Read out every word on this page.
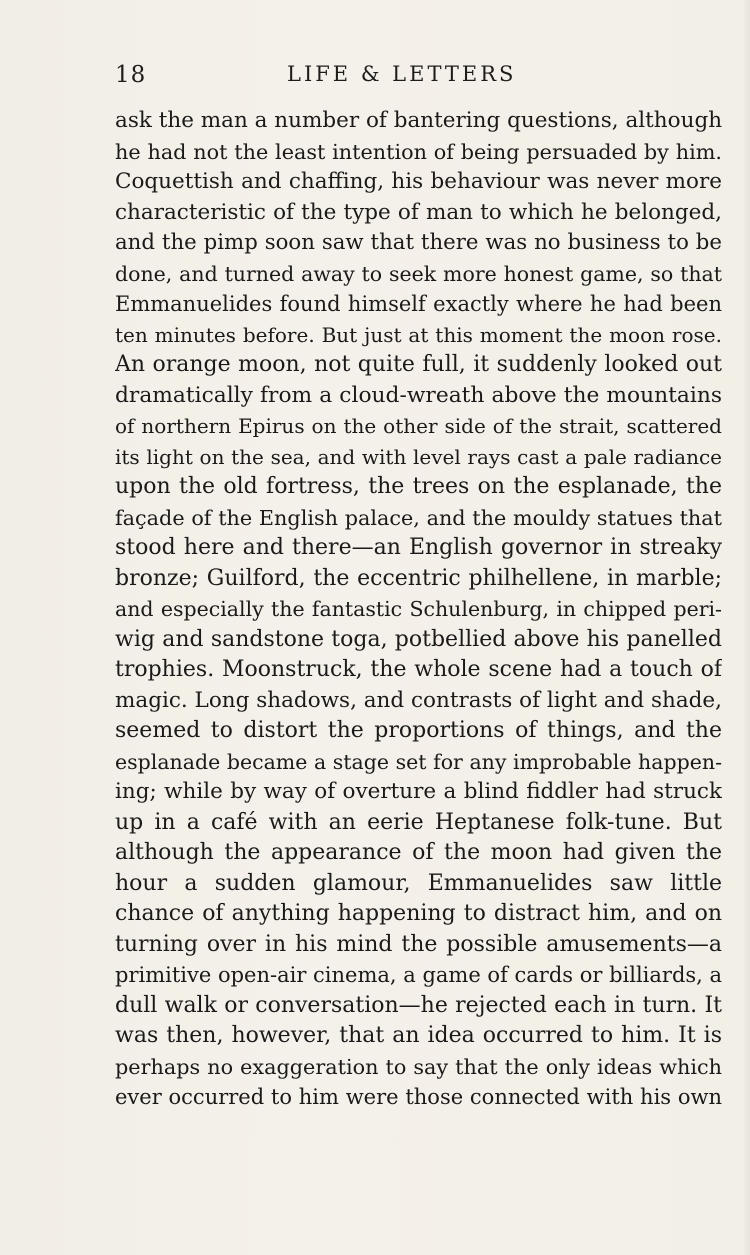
18	LIFE & LETTERS
ask the man a number of bantering questions, although
he had not the least intention of being persuaded by him.
Coquettish and chaffing, his behaviour was never more
characteristic of the type of man to which he belonged,
and the pimp soon saw that there was no business to be
done, and turned away to seek more honest game, so that
Emmanuelides found himself exactly where he had been
ten minutes before. But just at this moment the moon rose.
An orange moon, not quite full, it suddenly looked out
dramatically from a cloud-wreath above the mountains
of northern Epirus on the other side of the strait, scattered
its light on the sea, and with level rays cast a pale radiance
upon the old fortress, the trees on the esplanade, the
façade of the English palace, and the mouldy statues that
stood here and there—an English governor in streaky
bronze; Guilford, the eccentric philhellene, in marble;
and especially the fantastic Schulenburg, in chipped peri-
wig and sandstone toga, potbellied above his panelled
trophies. Moonstruck, the whole scene had a touch of
magic. Long shadows, and contrasts of light and shade,
seemed to distort the proportions of things, and the
esplanade became a stage set for any improbable happen-
ing; while by way of overture a blind fiddler had struck
up in a café with an eerie Heptanese folk-tune. But
although the appearance of the moon had given the
hour a sudden glamour, Emmanuelides saw little
chance of anything happening to distract him, and on
turning over in his mind the possible amusements—a
primitive open-air cinema, a game of cards or billiards, a
dull walk or conversation—he rejected each in turn. It
was then, however, that an idea occurred to him. It is
perhaps no exaggeration to say that the only ideas which
ever occurred to him were those connected with his own
